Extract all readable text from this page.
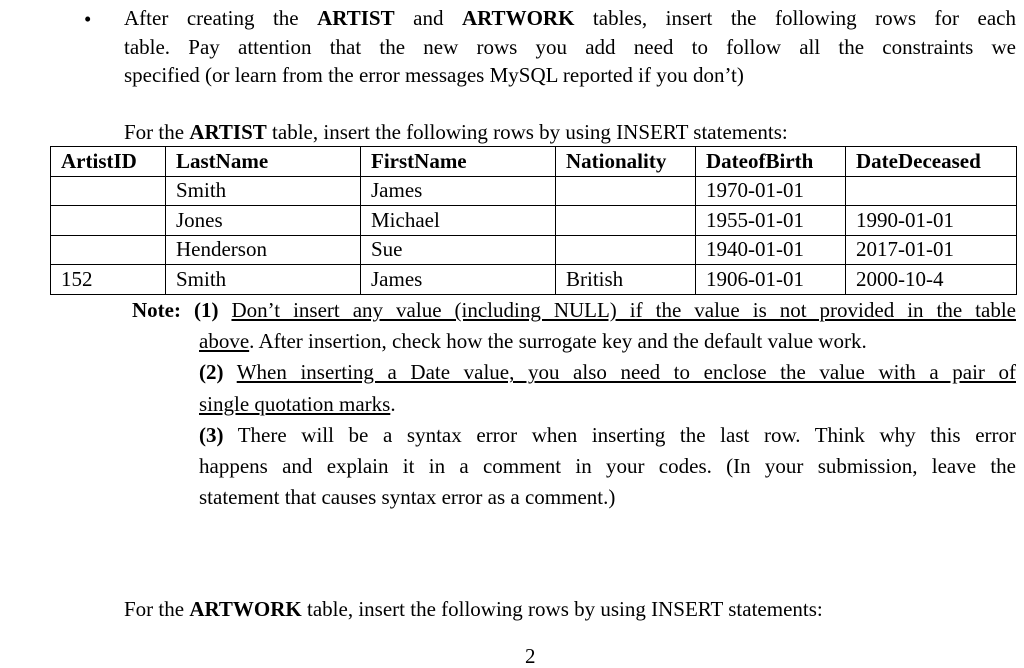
• After creating the ARTIST and ARTWORK tables, insert the following rows for each
table. Pay attention that the new rows you add need to follow all the constraints we
specified (or learn from the error messages MySQL reported if you don’t)

For the ARTIST table, insert the following rows by using INSERT statements:
ArtistID	LastName	FirstName	Nationality	DateofBirth	DateDeceased
	Smith	James		1970-01-01	
	Jones	Michael		1955-01-01	1990-01-01
	Henderson	Sue		1940-01-01	2017-01-01
152	Smith	James	British	1906-01-01	2000-10-4
Note: (1) Don’t insert any value (including NULL) if the value is not provided in the table
above. After insertion, check how the surrogate key and the default value work.
(2) When inserting a Date value, you also need to enclose the value with a pair of
single quotation marks.
(3) There will be a syntax error when inserting the last row. Think why this error
happens and explain it in a comment in your codes. (In your submission, leave the
statement that causes syntax error as a comment.)
For the ARTWORK table, insert the following rows by using INSERT statements:
2
